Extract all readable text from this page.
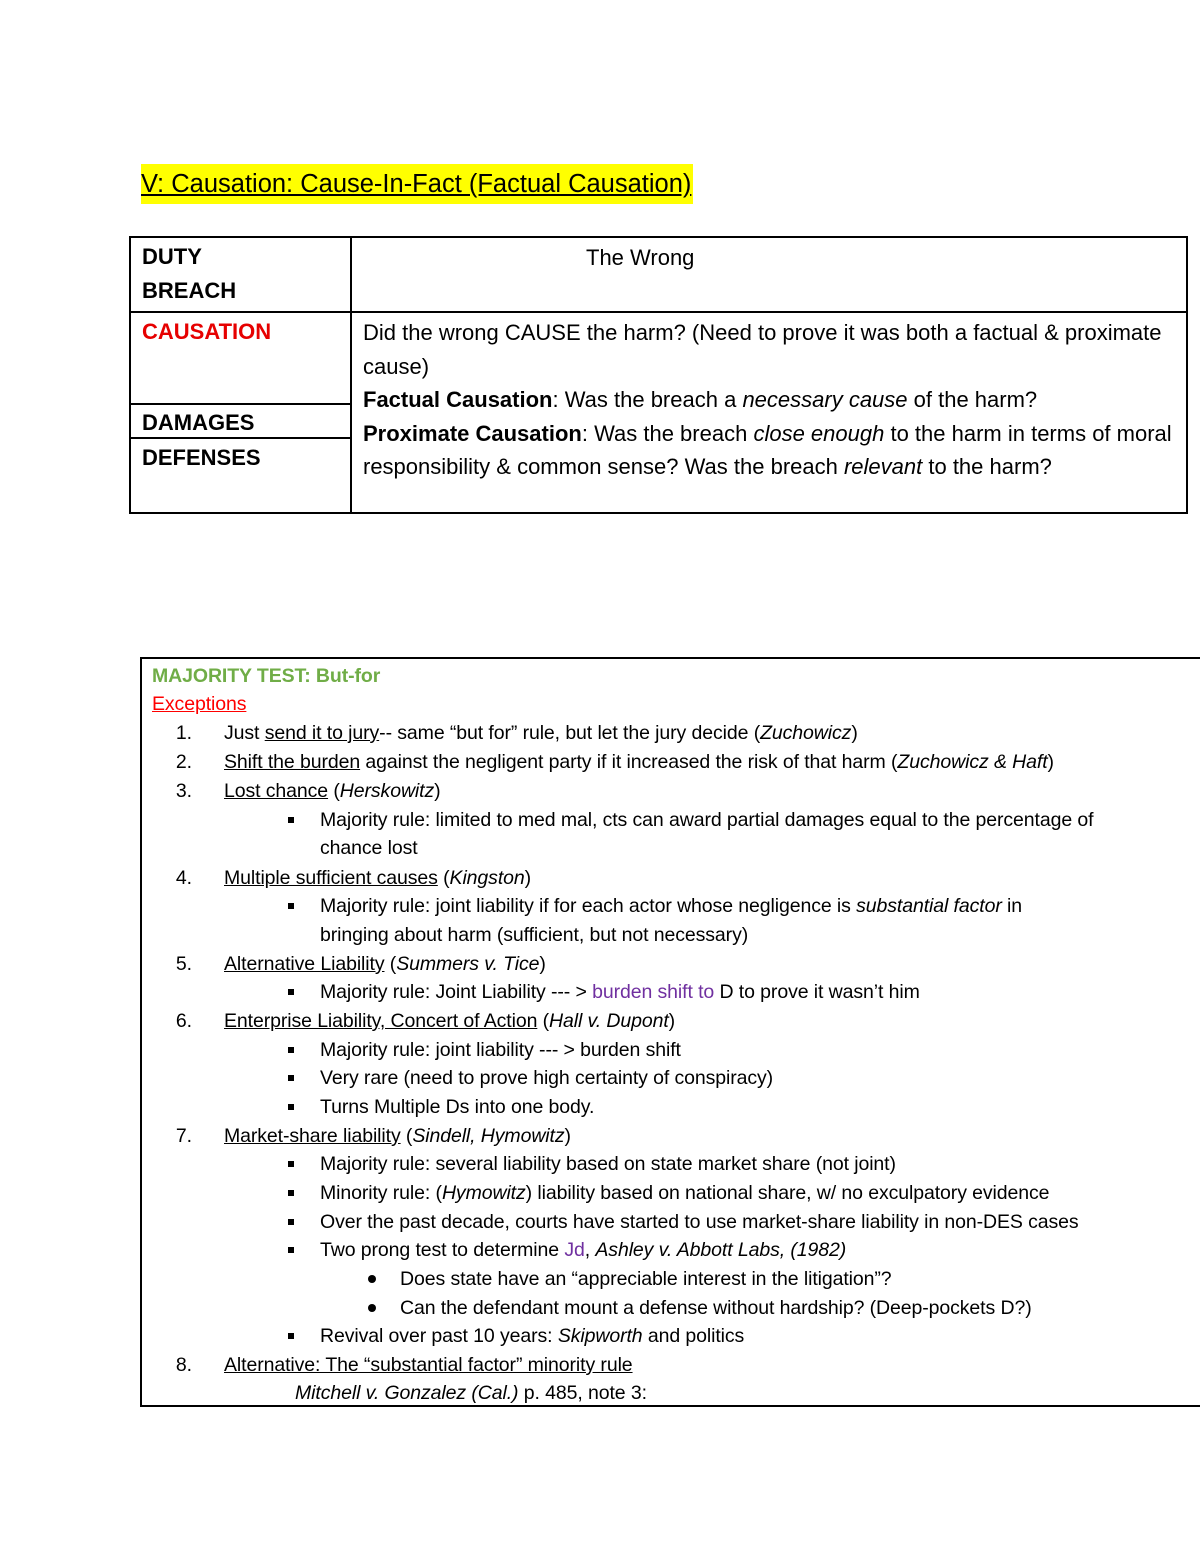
V: Causation: Cause-In-Fact (Factual Causation)
DUTY
BREACH
CAUSATION
DAMAGES
DEFENSES
The Wrong

Did the wrong CAUSE the harm? (Need to prove it was both a factual & proximate cause)

Factual Causation: Was the breach a necessary cause of the harm?

Proximate Causation: Was the breach close enough to the harm in terms of moral responsibility & common sense? Was the breach relevant to the harm?

MAJORITY TEST: But-for
Exceptions
1. Just send it to jury-- same “but for” rule, but let the jury decide (Zuchowicz)
2. Shift the burden against the negligent party if it increased the risk of that harm (Zuchowicz & Haft)
3. Lost chance (Herskowitz)
Majority rule: limited to med mal, cts can award partial damages equal to the percentage of
chance lost
4. Multiple sufficient causes (Kingston)
Majority rule: joint liability if for each actor whose negligence is substantial factor in
bringing about harm (sufficient, but not necessary)
5. Alternative Liability (Summers v. Tice)
Majority rule: Joint Liability --- > burden shift to D to prove it wasn’t him
6. Enterprise Liability, Concert of Action (Hall v. Dupont)
Majority rule: joint liability --- > burden shift
Very rare (need to prove high certainty of conspiracy)
Turns Multiple Ds into one body.
7. Market-share liability (Sindell, Hymowitz)
Majority rule: several liability based on state market share (not joint)
Minority rule: (Hymowitz) liability based on national share, w/ no exculpatory evidence
Over the past decade, courts have started to use market-share liability in non-DES cases
Two prong test to determine Jd, Ashley v. Abbott Labs, (1982)
Does state have an “appreciable interest in the litigation”?
Can the defendant mount a defense without hardship? (Deep-pockets D?)
Revival over past 10 years: Skipworth and politics
8. Alternative: The “substantial factor” minority rule
Mitchell v. Gonzalez (Cal.) p. 485, note 3:
